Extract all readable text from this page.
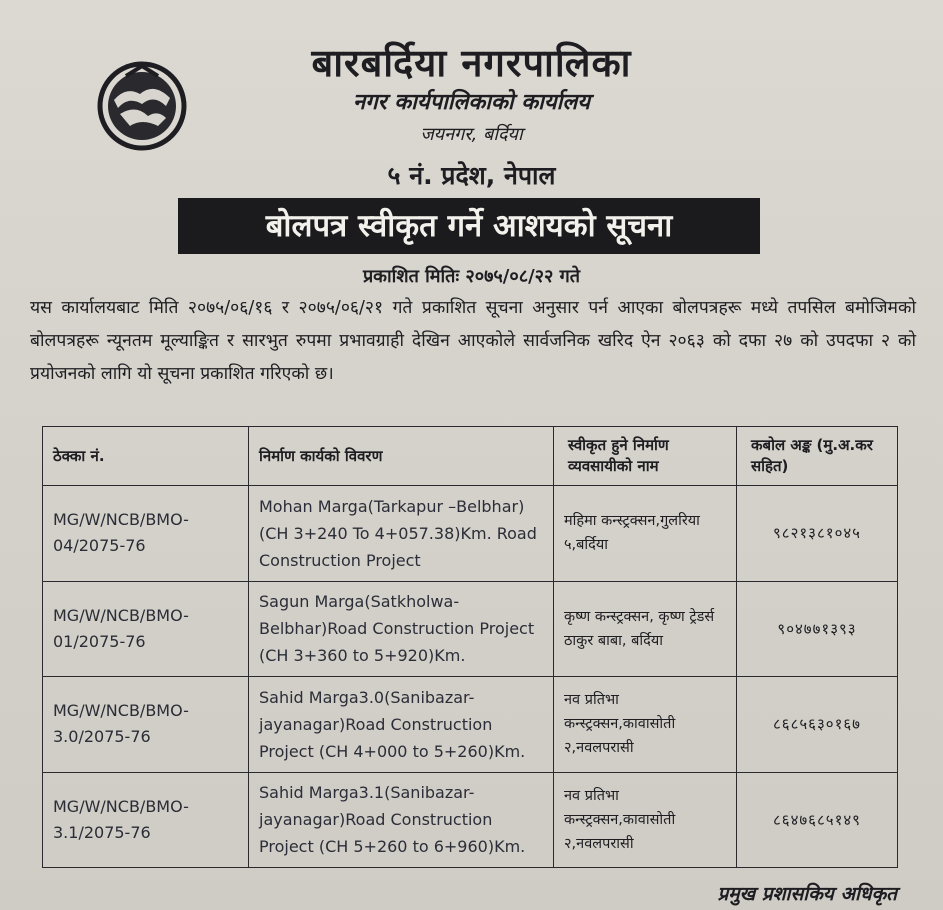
बारबर्दिया नगरपालिका
नगर कार्यपालिकाको कार्यालय
जयनगर, बर्दिया
५ नं. प्रदेश, नेपाल
बोलपत्र स्वीकृत गर्ने आशयको सूचना
प्रकाशित मितिः २०७५/०८/२२ गते
यस कार्यालयबाट मिति २०७५/०६/१६ र २०७५/०६/२१ गते प्रकाशित सूचना अनुसार पर्न आएका बोलपत्रहरू मध्ये तपसिल बमोजिमको बोलपत्रहरू न्यूनतम मूल्याङ्कित र सारभुत रुपमा प्रभावग्राही देखिन आएकोले सार्वजनिक खरिद ऐन २०६३ को दफा २७ को उपदफा २ को प्रयोजनको लागि यो सूचना प्रकाशित गरिएको छ।
ठेक्का नं.	निर्माण कार्यको विवरण	स्वीकृत हुने निर्माण व्यवसायीको नाम	कबोल अङ्क (मु.अ.कर सहित)
MG/W/NCB/BMO-04/2075-76	Mohan Marga(Tarkapur –Belbhar) (CH 3+240 To 4+057.38)Km. Road Construction Project	महिमा कन्स्ट्रक्सन,गुलरिया ५,बर्दिया	९८२१३८१०४५
MG/W/NCB/BMO-01/2075-76	Sagun Marga(Satkholwa-Belbhar)Road Construction Project (CH 3+360 to 5+920)Km.	कृष्ण कन्स्ट्रक्सन, कृष्ण ट्रेडर्स ठाकुर बाबा, बर्दिया	९०४७७१३९३
MG/W/NCB/BMO-3.0/2075-76	Sahid Marga3.0(Sanibazar-jayanagar)Road Construction Project (CH 4+000 to 5+260)Km.	नव प्रतिभा कन्स्ट्रक्सन,कावासोती २,नवलपरासी	८६८५६३०१६७
MG/W/NCB/BMO-3.1/2075-76	Sahid Marga3.1(Sanibazar-jayanagar)Road Construction Project (CH 5+260 to 6+960)Km.	नव प्रतिभा कन्स्ट्रक्सन,कावासोती २,नवलपरासी	८६४७६८५१४९
प्रमुख प्रशासकिय अधिकृत
